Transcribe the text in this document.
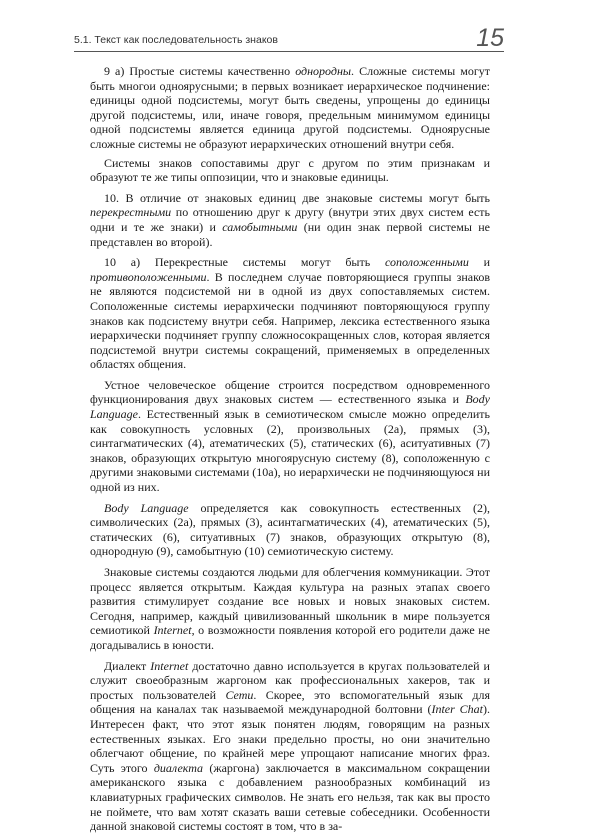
5.1. Текст как последовательность знаков	15

9 а) Простые системы качественно однородны. Сложные системы могут быть многои одноярусными; в первых возникает иерархическое подчинение: единицы одной подсистемы, могут быть сведены, упрощены до единицы другой подсистемы, или, иначе говоря, предельным минимумом единицы одной подсистемы является единица другой подсистемы. Одноярусные сложные системы не образуют иерархических отношений внутри себя.

Системы знаков сопоставимы друг с другом по этим признакам и образуют те же типы оппозиции, что и знаковые единицы.

10. В отличие от знаковых единиц две знаковые системы могут быть перекрестными по отношению друг к другу (внутри этих двух систем есть одни и те же знаки) и самобытными (ни один знак первой системы не представлен во второй).

10 а) Перекрестные системы могут быть соположенными и противоположенными. В последнем случае повторяющиеся группы знаков не являются подсистемой ни в одной из двух сопоставляемых систем. Соположенные системы иерархически подчиняют повторяющуюся группу знаков как подсистему внутри себя. Например, лексика естественного языка иерархически подчиняет группу сложносокращенных слов, которая является подсистемой внутри системы сокращений, применяемых в определенных областях общения.

Устное человеческое общение строится посредством одновременного функционирования двух знаковых систем — естественного языка и Body Language. Естественный язык в семиотическом смысле можно определить как совокупность условных (2), произвольных (2а), прямых (3), синтагматических (4), атематических (5), статических (6), аситуативных (7) знаков, образующих открытую многоярусную систему (8), соположенную с другими знаковыми системами (10а), но иерархически не подчиняющуюся ни одной из них.

Body Language определяется как совокупность естественных (2), символических (2а), прямых (3), асинтагматических (4), атематических (5), статических (6), ситуативных (7) знаков, образующих открытую (8), однородную (9), самобытную (10) семиотическую систему.

Знаковые системы создаются людьми для облегчения коммуникации. Этот процесс является открытым. Каждая культура на разных этапах своего развития стимулирует создание все новых и новых знаковых систем. Сегодня, например, каждый цивилизованный школьник в мире пользуется семиотикой Internet, о возможности появления которой его родители даже не догадывались в юности.

Диалект Internet достаточно давно используется в кругах пользователей и служит своеобразным жаргоном как профессиональных хакеров, так и простых пользователей Сети. Скорее, это вспомогательный язык для общения на каналах так называемой международной болтовни (Inter Chat). Интересен факт, что этот язык понятен людям, говорящим на разных естественных языках. Его знаки предельно просты, но они значительно облегчают общение, по крайней мере упрощают написание многих фраз. Суть этого диалекта (жаргона) заключается в максимальном сокращении американского языка с добавлением разнообразных комбинаций из клавиатурных графических символов. Не знать его нельзя, так как вы просто не поймете, что вам хотят сказать ваши сетевые собеседники. Особенности данной знаковой системы состоят в том, что в за-
